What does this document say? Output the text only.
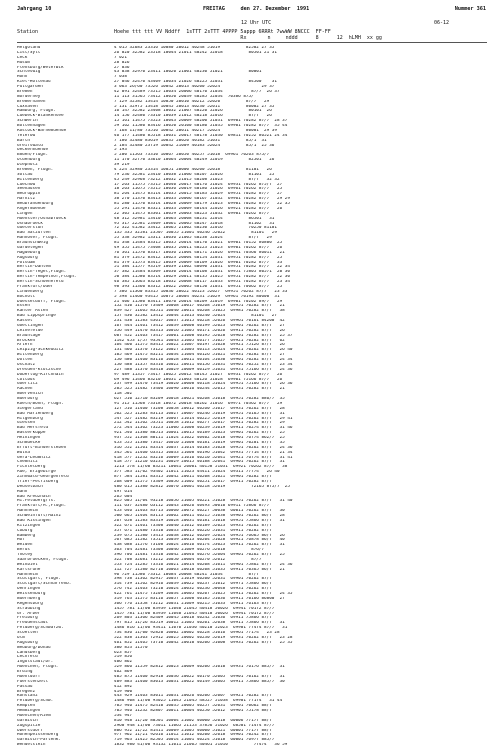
Jahrgang 10	FREITAG     den 27. Dezember  1991	Nummer 361
12 Uhr UTC	06-12

Station

	Hoehe ttt ttt VV Nddff  1sTTT 2sTTT 4PPPP 5appp 6RRRt 7wwWW 8NCCC  FF-FF

Rx       n     nddd      8      12  hLMH  xx gg

Helgoland	4 015 32683 23316 10080 20012 40248 51019          82502 27 35
List/Sylt	26 020 32582 23518 10044 21011 40242 52018          80501 21 31
Leck	7 021
Husum	28 026
Flensburg/Weterwik	27 036
Schleswig	43 038 32970 23411 10020 21001 40230 51021          80001
Hohn	7 038
Kiel-Holtenau	27 046 32470 43409 10034 21026 40225 52031          84500    31
Puttgarden	3 063 26/60 73526 10042 20013 40200 52024                29 37
Bremen	42 091 32489 73515 10034 20006 40170 51034           87/7  26 37
Norderney	11 113 31565 73412 10050 20039 40285 52034  70386 875/
Bremerhaven	7 129 32582 13414 10050 20010 40212 52020          87/7   29
Cuxhaven	5 131 32975 13418 10045 20013 40230 52011          80002 27 35
Hamburg, Flugh.	16 147 32582 23408 10032 21007 40220 52026          80101  26
Luebeck-Blankensee	14 156 32480 73310 10039 21012 40218 52016          87/7   26
Schwerin	15 161 11475 73523 10043 20009 40200 51031  69901 70282 87/7  28 37
Boltenhagen	59 162 11580 83416 10050 20100 40180 51035  69901 70282 87/7  35 44
Rostock-Warnemuende	7 168 11/80 73516 10042 20011 40217 52024          80001  29 39
Teterow	46 177 11480 85518 10031 20017 40178 51030  69811 70252 86521 24 34
Barth	7 180 32480 83619 10035 20020 40182 51031          85/1  31
Greifswald	2 184 32480 23719 10042 21009 40183 52024          85/1  25 36
Ueckermuende	5 193
Emden/Flugh.	5 200 11563 73310 10067 20050 40257 51018  69961 70263 875/7
Oldenburg	11 170 32770 33610 10064 20004 40249 52019          82501   26
Diepholz	39 219
Bremen, Flugh.	4 224 32980 23314 10051 20000 40200 52018          81101   26
Soltau	79 236 32581 23410 10038 21006 40207 52026          81101   25
Wittenberg	45 249 32968 73212 10032 21015 40208 51023          87/7   32 32
Luechow	17 263 11575 73515 10040 20017 40176 51024  69931 70262 875/7  27
Seehausen	18 263 11675 73515 10036 20019 40186 51026  69961 70262 87/7   25
Neuruppin	81 264 11475 83114 10035 20015 40183 52029  69951 70282 87/7   27
Marnitz	38 270 11370 83413 10033 20006 40167 51032  69961 70282 87/7   29 29
Neubrandenburg	81 280 11570 83314 10028 20009 40179 51023  69901 70282 87/7   22 35
Angermuende	55 291 11470 83321 10033 20009 40144 52026  69921 70282 87/7   26
Lingen	22 305 11475 83301 10059 20003 40223 51032  69901 70262 87/7
Muenster/Osnabrueck	48 312 32981 13410 10063 20008 40231 52014          86501   31
Osnabrueck	95 317 22581 23409 10061 20005 40247 52018          81102   31
Guetersloh	72 322 41582 33412 10065 21002 40230 52016          70250 81101
Bad Salzuflen	135 335 32581 23507 10055 21001 40246 52022          81101   29
Hannover, Flugh.	55 338 32982 13311 10036 21005 40238 52024          87/7   29
Braunschweig	81 348 11484 83315 10035 20014 40170 51021  69901 70152 86800  25
Gardelegen	49 355 11475 73408 10035 20011 40223 51023  69901 70262 87/7   26
Magdeburg	76 361 11570 83317 10036 21004 40171 51026  69941 70366 86011   21
Augsburg	81 379 11472 83412 10023 20004 40154 52031  69951 70282 87/7   25
Potsdam	81 379 11573 83415 10039 20009 40109 51026  69901 70282 87/7   33
Berlin-Dahlem	51 384 11577 93519 10039 21002 40090 51031  69951 70282 87/7   22 34
Berlin-Tegel,Flugh.	37 382 11484 83309 10030 20014 40108 52031  69951 75805 80571  20 30
Berlin-Tempelhof,Flugh.	50 384 11580 83514 10029 20011 40135 51025  69951 70282 87/7   22 30
Berlin-Schoenefeld	46 385 11663 83218 10032 20008 40117 52033  69951 70282 87/7   23 34
Frankfurt/Oder	98 393 11360 83312 10022 20005 40150 51031  69951 70662 87/7   25
Lindenberg	7 386 11360 83315 10036 20022 40123 52027  69951 70262 87/7   23 33
Bocholt	5 398 11460 93415 10075 20004 40231 51029  69961 70192 80600  31
Duesseldorf, Flugh.	21 406 11580 83411 10070 20014 40209 52019  69901 70202 89/7   29
Essen	152 410 11570 73409 10068 20017 40268 51019  69951 70282 87/7   21
Kahler Asten	839 427 11665 83511 10040 20011 40268 51025  69981 70282 87/7   38
Bad Lippspringe	157 430 32582 13412 10044 21013 40240 52024          81101   27
Kassel	231 438 11583 43617 10037 21015 40218 52026  69961 70161 84200  42
Goettingen	167 444 11461 73412 10039 20008 40199 52023  69901 70262 87/7   27
Leinefelde	356 449 11470 83313 10016 21005 40171 52026  69911 70282 87/7   26
Braunlage	607 452 11463 73417 10001 21008 40195 52028  69901 70282 87/7   25 37
Brocken	1142 453 1/57 93541 10043 21005 40177 51027  69921 70282 87/7   62
Artern	164 460 11575 83415 10022 21007 40197 51028  69921 75126 87/7   26
Leipzig-Schkeuditz	131 466 11370 73122 10027 21003 40113 52024  69921 70262 87/7   26 40
Wittenberg	105 469 11475 83211 10034 21004 40126 51021  69931 70282 87/7   27
Dollen	150 480 11460 83116 10028 20011 40164 51030  69901 70282 87/7   24 34
Oschatz	150 488 11357 83316 10022 20011 40156 51031  69901 70252 87/7   23 34
Dresden-Klotzsche	227 488 11370 83418 10029 20009 40129 51031  69931 75166 87/7   24 36
Doberlug-Kirchhain	97 489 11357 73417 10025 20012 40145 51027  69931 70262 87/7   26
Cottbus	69 496 11460 83210 10031 21003 40126 51028  69901 75166 87/7   26
Goerlitz	237 499 11470 73419 10020 20008 40118 51024  69951 75166 87/7   26 36
Aachen	205 525 11482 73406 10090 20016 40244 52015  69931 70282 87/7   21
Noervenich	118 502
Nuerburg	627 510 12710 83209 10018 20021 40268 51018  69951 70282 886/7  35
Koeln/Bonn, Flugh.	91 515 11568 73318 10072 20018 40262 51016  69971 70362 87/7   29
Siegerland	127 516 11460 73208 10058 20012 40260 51017  69931 70262 87/7   28
Bad Marienberg	562 525 11283 83113 10027 20007 40246 51019  69951 76165 87/7   31
Hilgenburg	547 527 11482 83219 10067 21014 40225 52019  69911 70262 87/7   29 41
Giessen	212 542 11562 53511 10058 21012 40277 52017  69921 70282 87/7   29
Bad Hersfeld	272 544 11362 73223 11006 21008 40239 51019  69911 70274 87/7   31 46
Wasserkuppe	921 546 11380 80513 10061 20015 40189 51023  69901 70262 87/7   25
Meiningen	937 552 11368 80111 11024 21022 40402 52018  69901 76774 862/7  25
Schmuecke	453 555 11380 73417 10010 21008 40181 51019  69901 70201 87/7   35
Erfurt-Bindersleben	316 552 11561 83314 10037 21014 40183 51028  69951 70262 87/7   24 36
Wutha	345 561 11460 63315 10033 21008 40196 51042  69931 77714 87/7   21 34
Gera-Leumnitz	418 577 11232 83216 10009 21016 40210 52041  69921 76774 87/7   31 41
Chemnitz	418 577 11210 03231 10029 20015 40188 52041  69901 70262 87/7   31
Fichtelberg	1213 578 11/60 03211 10041 20001 40158 51031  69921 70262 87/7   38
Aue, Erzgebirge	377 583 11/02 93402 11011 21023 44411 51024  69311 77774   26 40
Zinnwald-Georgenfeld	877 584 11581 83315 10042 20011 40208 51021  69901 70282 87/7
Trier-Petrisberg	268 609 11575 73309 10056 21002 40251 52017  69911 70282 87/7
Deuselbach	480 615 11380 82812 10070 20001 40218 52019          72165 875/7  25
Hahn	497 614
Bad Kreuznach	265 604
Hi.Feldberg/Ts.	825 605 11/04 93218 10056 21005 40221 51028  69951 70262 87/7   31 40
Frankfurt/M.,Flugh.	111 637 32480 63112 10043 20026 40493 50010 69911 75866 87/7
Mannheim	453 646 11463 83713 10060 20072 40227 50038  60011 70262 87/7   30
Schweinfurt/Mainz	500 665 11464 83113 10062 20011 40215 51038  69901 70262 86/7   28
Bad Kissingen	267 658 11583 83319 10028 20031 40181 51018  69951 75866 87/7   31
Kitzingen	322 671 11461 73308 10040 21012 40189 52023  69931 70262 87/7
Coburg	357 671 11480 73310 10033 20015 40226 51031  69911 70282 87/7
Bamberg	239 675 11580 73413 10038 20012 40269 52024  69951 76665 86/7   26
Hof	567 685 11582 73513 10039 20013 40204 51028  69921 76878 86/7   40
Weiden	438 688 11576 73108 10024 20016 40174 53023  69911 70262 87/7   31
Berus	363 704 32481 73308 10046 21009 40276 52018          876/7
Tholey	396 706 11481 73310 10042 20046 40276 52004  69901 70262 87/7   25
Saarbruecken, Flugh.	322 708 32681 73212 10050 20004 40270 52012          87/7
Weinbiet	553 724 11285 73316 10021 20014 40208 51011  69901 75862 87/7   24 36
Karlsruhe	112 727 11580 82710 10063 20018 40208 51035  69911 70365 86/7   21
Mannheim	96 729 11580 73312 10084 20008 40241 51034          87/7
Stuttgart, Flugh.	398 738 11362 82917 10037 21019 40200 52031  69901 70262 87/7
Stuttgart/Schnarrenb.	314 739 11562 82916 10039 20022 40237 51012  69971 75866 86/7
Oehringen	276 742 11463 73210 10024 20032 40236 50048  69931 70262 87/7
Weissenburg	422 761 11475 73209 10034 20005 40207 51025  69911 70262 87/7   24 35
Nuernberg	319 763 11575 83116 10057 21008 40185 51036  69911 70166 86800  27
Regensburg	366 776 11358 73212 10031 21009 40215 51033  69911 76163 87/7
Straubing	1457 781 11/00 83939 11040 21045 40418 50026  69941 70172 87/7
Gr. Arber	1457 781 11/00 83939 11040 21045 40418 50026  69941 70172 87/7
Freiburg	269 803 11366 82409 10045 20018 40242 51036  69911 75866 87/7
Freudenstadt	797 815 11/26 83519 10012 21005 40201 52038  69911 75866 87/7   31
Feldberg/Schwarzw.	1486 816 11/06 93411 11070 21030 40210 52023  69901 77474 87/7   31
Stoetten	734 836 11/00 92820 10002 20002 40228 51016  69961 77174   23 28
Ulm	522 838 11363 72912 10025 20002 40230 52019  69931 70262 87/7   23 28
Augsburg	461 852 11465 73710 10042 20010 40206 51008  69931 70262 87/7   25 35
Neuburg/Donau	380 853 11570
Landsberg	623 857
Lechfeld	519 856
Ingolstadt/Dr.	406 862
Muenchen, Flugh.	529 866 11559 82812 10023 20009 40206 51010  69931 76176 885/7  31
Erding	462 869
Muehldorf	405 875 11460 82918 10036 20022 40170 52005  69901 70162 87/7   31
Fuerstenzell	409 883 11460 83013 10031 20022 40149 53005  69911 75866 885/7  30
Passau	412 892
Bregenz	419 900
Konstanz	443 929 11463 83011 10031 20026 40206 52007  69921 70282 87/7
Feldberg/Schw.	1486 908 11/00 93025 11045 21045 48527 51038  69901 77174   31 44
Kempten	705 946 11475 82410 10035 20005 40257 52031  69901 70662 88/7
Memmingen	705 946 11232 82807 10011 20004 40250 52012  69901 75178 88/7
Muenchen/Riem	534 947
Garmisch	810 948 11/20 80501 10004 21002 40000 52018  60006 77177 88/7
Zugspitze	2960 948 11/00 73011 11065 21153 37856 51026  68501 71474 87/7
Oberstdorf	806 952 11/22 81411 10009 21005 40000 51021  60001 77177 88/7
Hohenpeissenberg	977 962 11/21 92616 11012 21012 40200 52018  69901 70242 87/7
Garmisch-Partenk.	719 963 11425 82505 10014 21001 40224 51018  60001 76977 885/7
Wendelstein	1832 980 41/00 93132 11011 21065 40461 51010          77474   36 59
